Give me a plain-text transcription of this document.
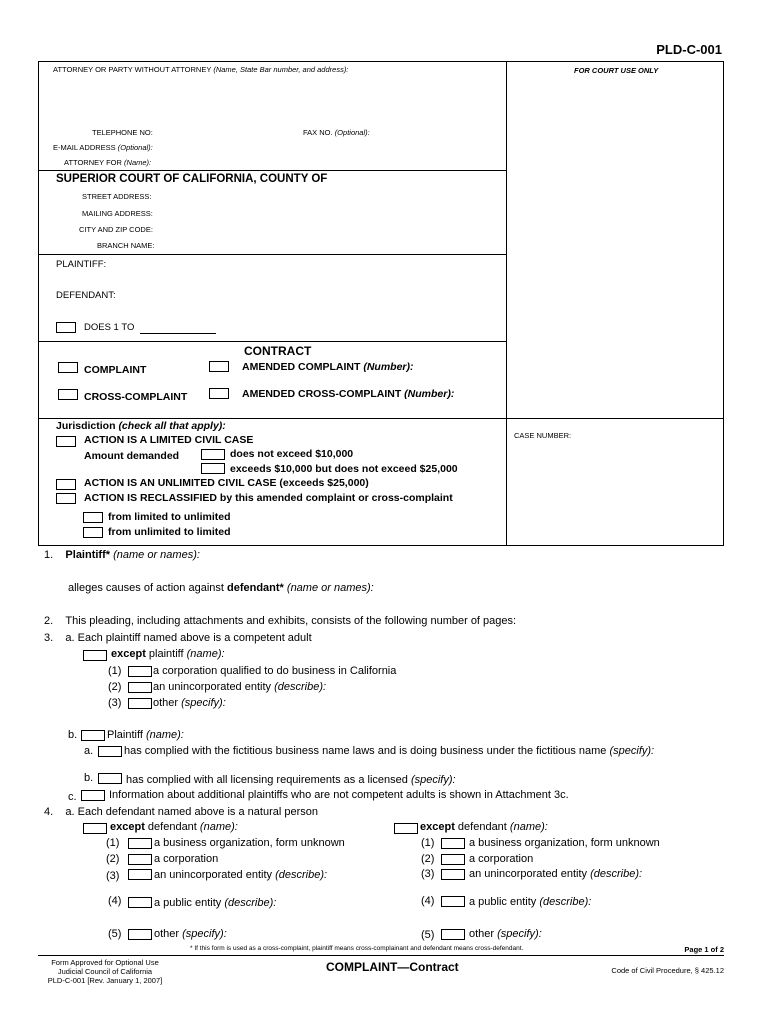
PLD-C-001
ATTORNEY OR PARTY WITHOUT ATTORNEY (Name, State Bar number, and address):	FOR COURT USE ONLY
TELEPHONE NO:	FAX NO. (Optional):
E-MAIL ADDRESS (Optional):
ATTORNEY FOR (Name):
SUPERIOR COURT OF CALIFORNIA, COUNTY OF
STREET ADDRESS:
MAILING ADDRESS:
CITY AND ZIP CODE:
BRANCH NAME:
PLAINTIFF:
DEFENDANT:
DOES 1 TO
CONTRACT
COMPLAINT	AMENDED COMPLAINT (Number):
CROSS-COMPLAINT	AMENDED CROSS-COMPLAINT (Number):
Jurisdiction (check all that apply):
CASE NUMBER:
ACTION IS A LIMITED CIVIL CASE
Amount demanded	does not exceed $10,000
exceeds $10,000 but does not exceed $25,000
ACTION IS AN UNLIMITED CIVIL CASE (exceeds $25,000)
ACTION IS RECLASSIFIED by this amended complaint or cross-complaint
from limited to unlimited
from unlimited to limited
1. Plaintiff* (name or names):
alleges causes of action against defendant* (name or names):
2. This pleading, including attachments and exhibits, consists of the following number of pages:
3. a. Each plaintiff named above is a competent adult
except plaintiff (name):
(1)	a corporation qualified to do business in California
(2)	an unincorporated entity (describe):
(3)	other (specify):
b.	Plaintiff (name):
a.	has complied with the fictitious business name laws and is doing business under the fictitious name (specify):
b.	has complied with all licensing requirements as a licensed (specify):
c.	Information about additional plaintiffs who are not competent adults is shown in Attachment 3c.
4. a. Each defendant named above is a natural person
except defendant (name):
(1)	a business organization, form unknown
(2)	a corporation
(3)	an unincorporated entity (describe):
(4)	a public entity (describe):
(5)	other (specify):
except defendant (name):
(1)	a business organization, form unknown
(2)	a corporation
(3)	an unincorporated entity (describe):
(4)	a public entity (describe):
(5)	other (specify):
* If this form is used as a cross-complaint, plaintiff means cross-complainant and defendant means cross-defendant.	Page 1 of 2
Form Approved for Optional Use
Judicial Council of California
PLD-C-001 [Rev. January 1, 2007]
COMPLAINT—Contract	Code of Civil Procedure, § 425.12
